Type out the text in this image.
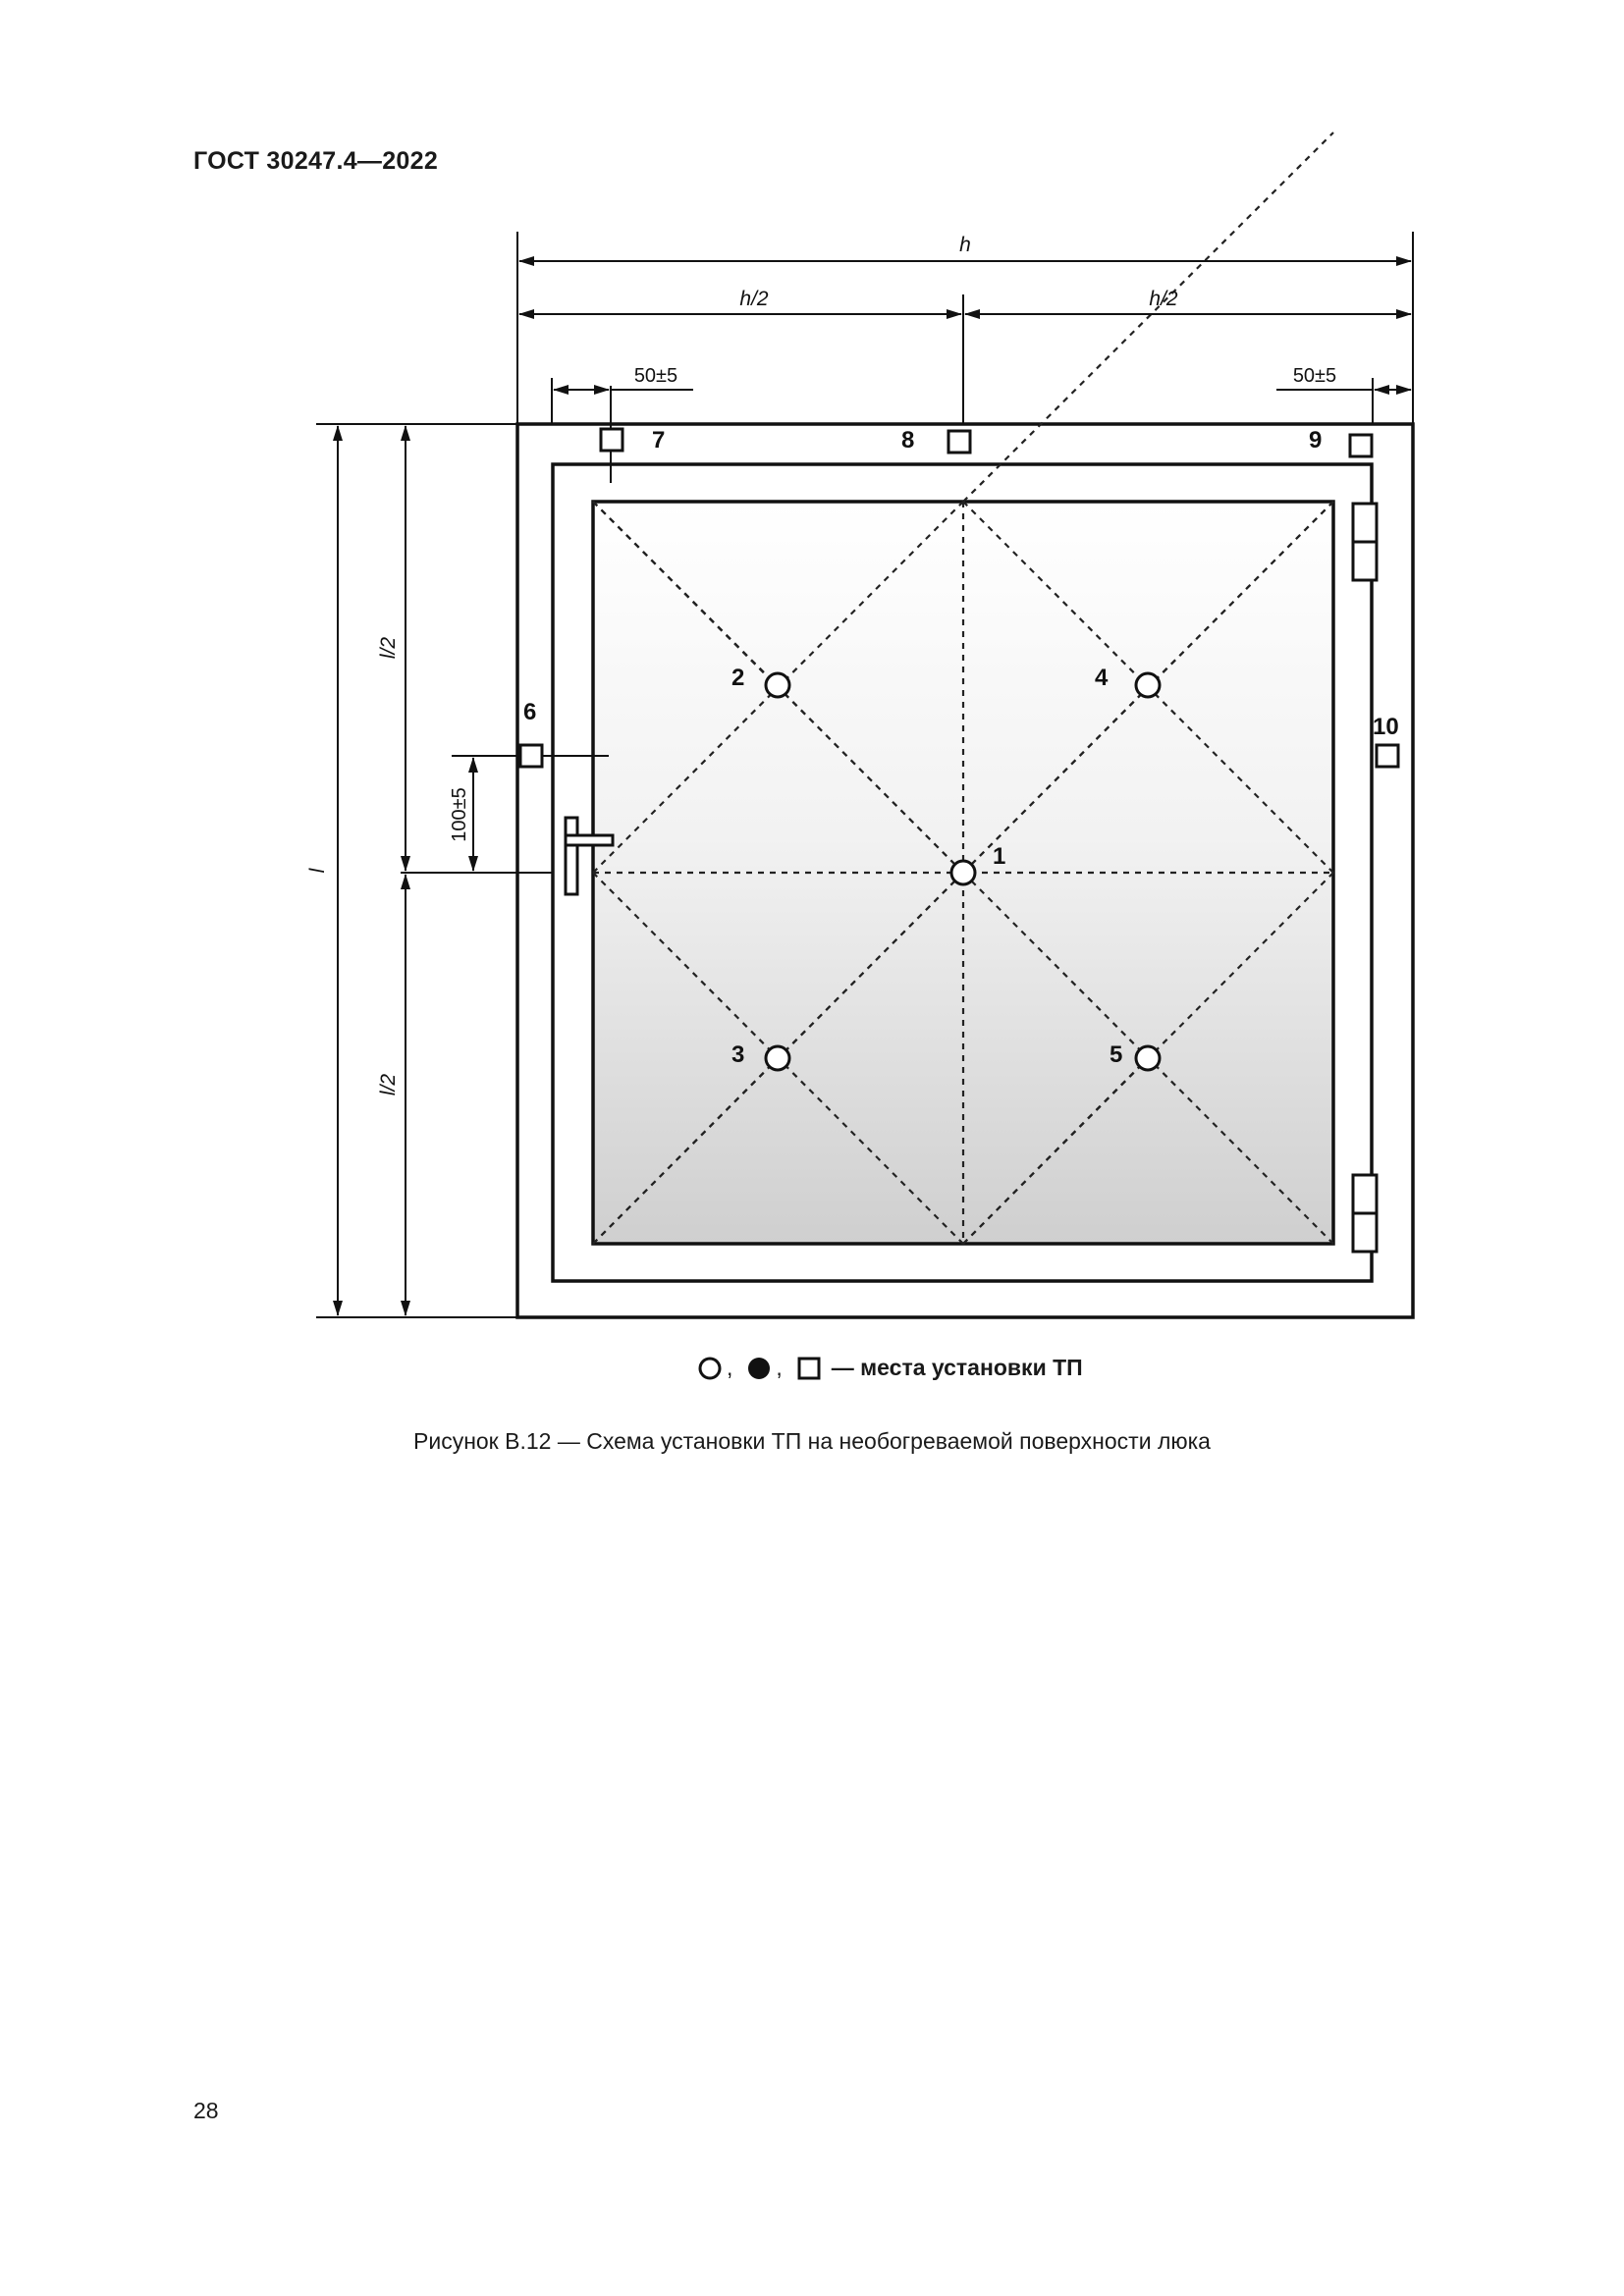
ГОСТ 30247.4—2022
h
h/2	h/2
50±5	50±5
l
l/2
l/2
100±5
1
2
3
4
5
6
7	8	9
10
, , — места установки ТП
Рисунок В.12 — Схема установки ТП на необогреваемой поверхности люка
28
